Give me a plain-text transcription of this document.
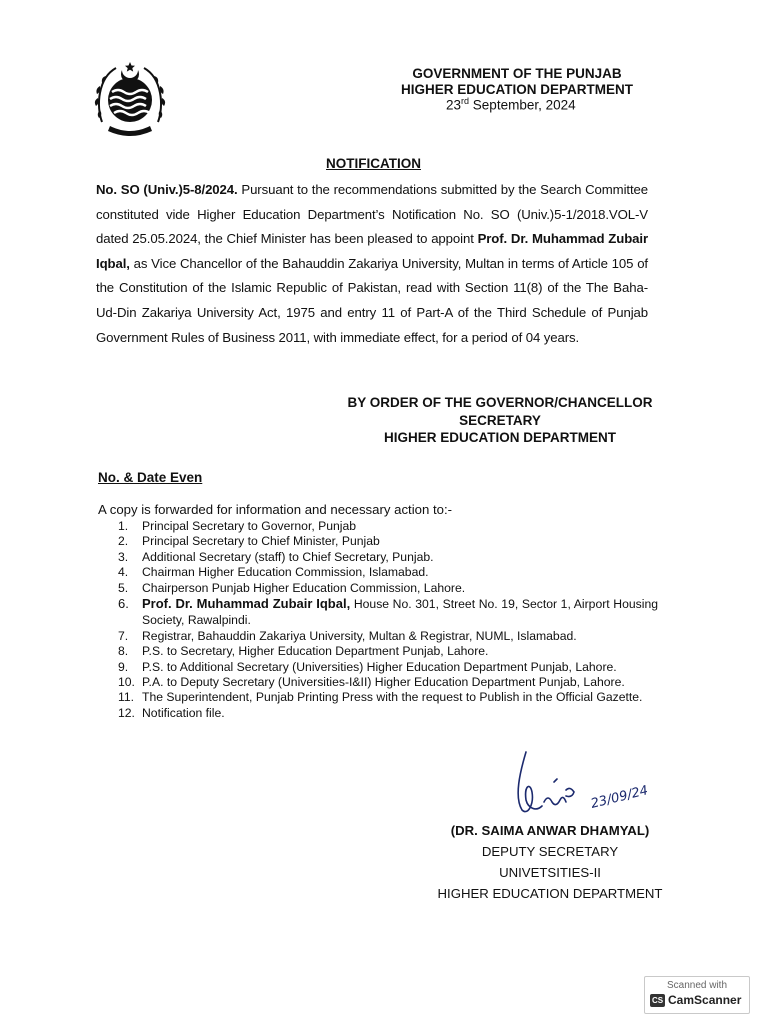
GOVERNMENT OF THE PUNJAB
HIGHER EDUCATION DEPARTMENT
23rd September, 2024
NOTIFICATION
No. SO (Univ.)5-8/2024. Pursuant to the recommendations submitted by the Search Committee constituted vide Higher Education Department’s Notification No. SO (Univ.)5-1/2018.VOL-V dated 25.05.2024, the Chief Minister has been pleased to appoint Prof. Dr. Muhammad Zubair Iqbal, as Vice Chancellor of the Bahauddin Zakariya University, Multan in terms of Article 105 of the Constitution of the Islamic Republic of Pakistan, read with Section 11(8) of the The Baha-Ud-Din Zakariya University Act, 1975 and entry 11 of Part-A of the Third Schedule of Punjab Government Rules of Business 2011, with immediate effect, for a period of 04 years.
BY ORDER OF THE GOVERNOR/CHANCELLOR
SECRETARY
HIGHER EDUCATION DEPARTMENT
No. & Date Even
A copy is forwarded for information and necessary action to:-
1.	Principal Secretary to Governor, Punjab
2.	Principal Secretary to Chief Minister, Punjab
3.	Additional Secretary (staff) to Chief Secretary, Punjab.
4.	Chairman Higher Education Commission, Islamabad.
5.	Chairperson Punjab Higher Education Commission, Lahore.
6.	Prof. Dr. Muhammad Zubair Iqbal, House No. 301, Street No. 19, Sector 1, Airport Housing Society, Rawalpindi.
7.	Registrar, Bahauddin Zakariya University, Multan & Registrar, NUML, Islamabad.
8.	P.S. to Secretary, Higher Education Department Punjab, Lahore.
9.	P.S. to Additional Secretary (Universities) Higher Education Department Punjab, Lahore.
10. P.A. to Deputy Secretary (Universities-I&II) Higher Education Department Punjab, Lahore.
11. The Superintendent, Punjab Printing Press with the request to Publish in the Official Gazette.
12. Notification file.
23/09/24
(DR. SAIMA ANWAR DHAMYAL)
DEPUTY SECRETARY
UNIVETSITIES-II
HIGHER EDUCATION DEPARTMENT
Scanned with
CS CamScanner
